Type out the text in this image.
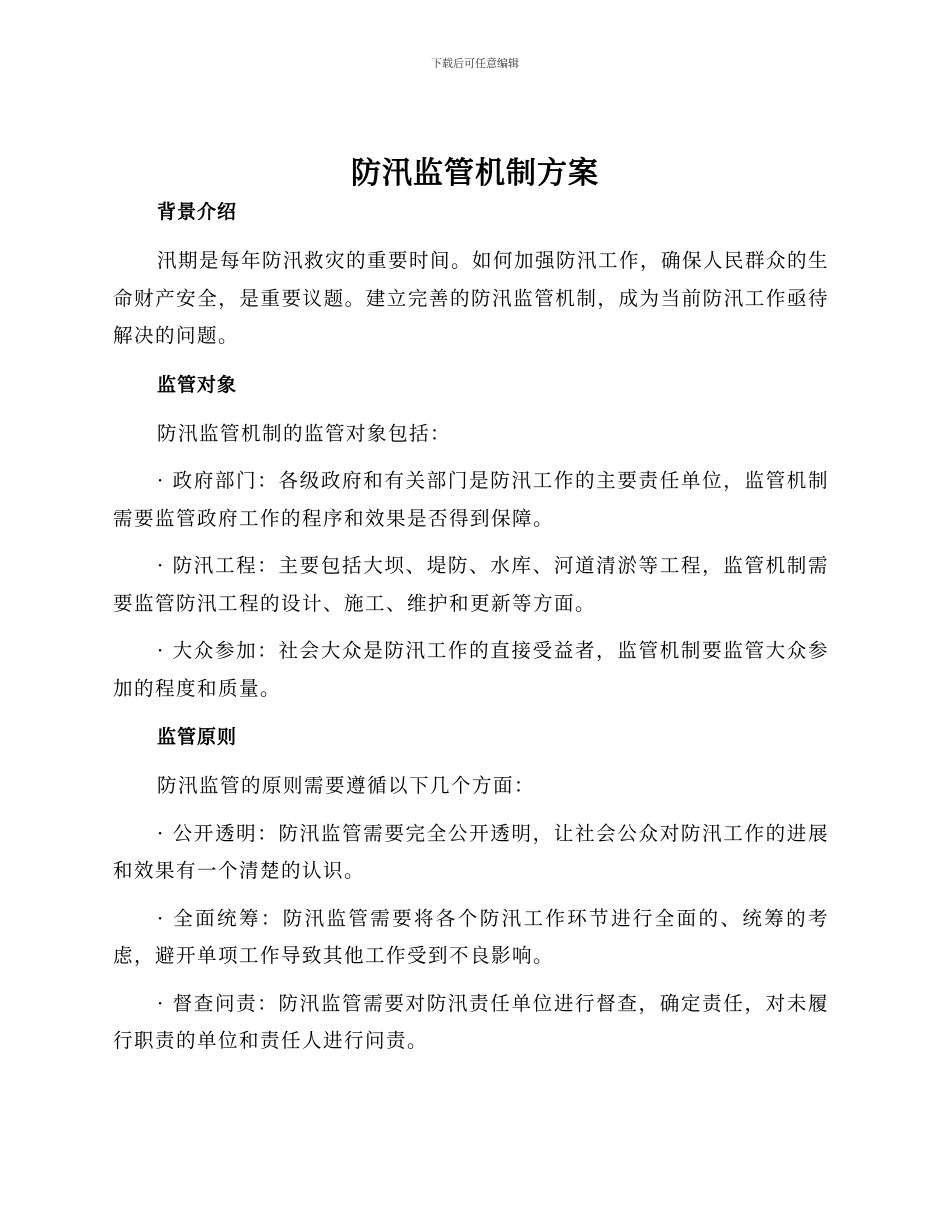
下载后可任意编辑
防汛监管机制方案
背景介绍

汛期是每年防汛救灾的重要时间。如何加强防汛工作，确保人民群众的生命财产安全，是重要议题。建立完善的防汛监管机制，成为当前防汛工作亟待解决的问题。

监管对象

防汛监管机制的监管对象包括：

· 政府部门：各级政府和有关部门是防汛工作的主要责任单位，监管机制需要监管政府工作的程序和效果是否得到保障。

· 防汛工程：主要包括大坝、堤防、水库、河道清淤等工程，监管机制需要监管防汛工程的设计、施工、维护和更新等方面。

· 大众参加：社会大众是防汛工作的直接受益者，监管机制要监管大众参加的程度和质量。

监管原则

防汛监管的原则需要遵循以下几个方面：

· 公开透明：防汛监管需要完全公开透明，让社会公众对防汛工作的进展和效果有一个清楚的认识。

· 全面统筹：防汛监管需要将各个防汛工作环节进行全面的、统筹的考虑，避开单项工作导致其他工作受到不良影响。

· 督查问责：防汛监管需要对防汛责任单位进行督查，确定责任，对未履行职责的单位和责任人进行问责。
